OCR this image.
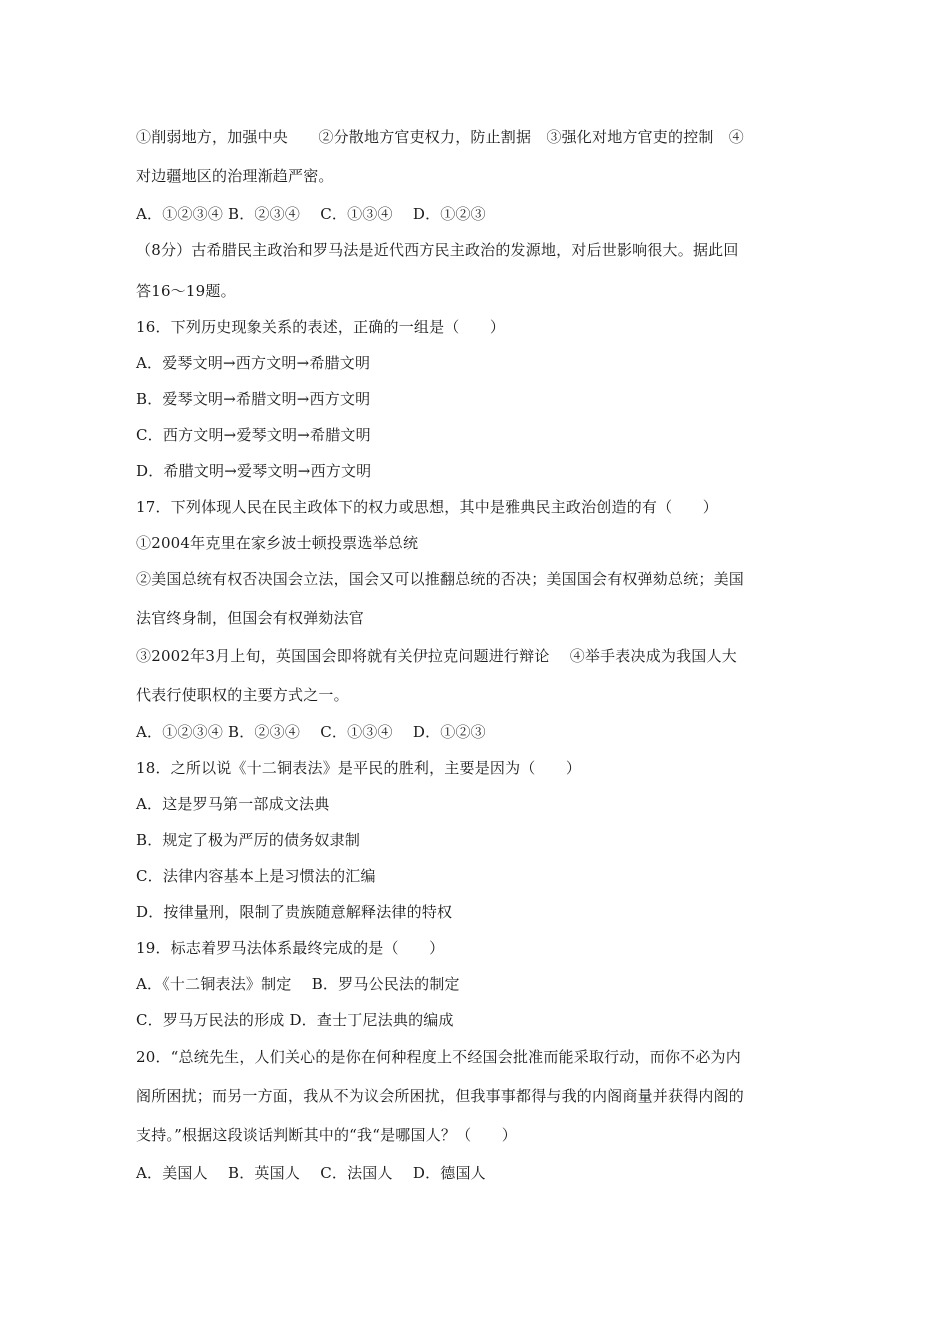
①削弱地方，加强中央　　②分散地方官吏权力，防止割据　③强化对地方官吏的控制　④
对边疆地区的治理渐趋严密。
A．①②③④ B．②③④　 C．①③④　 D．①②③
（8分）古希腊民主政治和罗马法是近代西方民主政治的发源地，对后世影响很大。据此回
答16～19题。
16．下列历史现象关系的表述，正确的一组是（　　）
A．爱琴文明→西方文明→希腊文明
B．爱琴文明→希腊文明→西方文明
C．西方文明→爱琴文明→希腊文明
D．希腊文明→爱琴文明→西方文明
17．下列体现人民在民主政体下的权力或思想，其中是雅典民主政治创造的有（　　）
①2004年克里在家乡波士顿投票选举总统
②美国总统有权否决国会立法，国会又可以推翻总统的否决；美国国会有权弹劾总统；美国
法官终身制，但国会有权弹劾法官
③2002年3月上旬，英国国会即将就有关伊拉克问题进行辩论　 ④举手表决成为我国人大
代表行使职权的主要方式之一。
A．①②③④ B．②③④　 C．①③④　 D．①②③
18．之所以说《十二铜表法》是平民的胜利，主要是因为（　　）
A．这是罗马第一部成文法典
B．规定了极为严厉的债务奴隶制
C．法律内容基本上是习惯法的汇编
D．按律量刑，限制了贵族随意解释法律的特权
19．标志着罗马法体系最终完成的是（　　）
A．《十二铜表法》制定　 B．罗马公民法的制定
C．罗马万民法的形成 D．查士丁尼法典的编成
20．“总统先生，人们关心的是你在何种程度上不经国会批准而能采取行动，而你不必为内
阁所困扰；而另一方面，我从不为议会所困扰，但我事事都得与我的内阁商量并获得内阁的
支持。”根据这段谈话判断其中的“我“是哪国人？（　　）
A．美国人　 B．英国人　 C．法国人　 D．德国人
